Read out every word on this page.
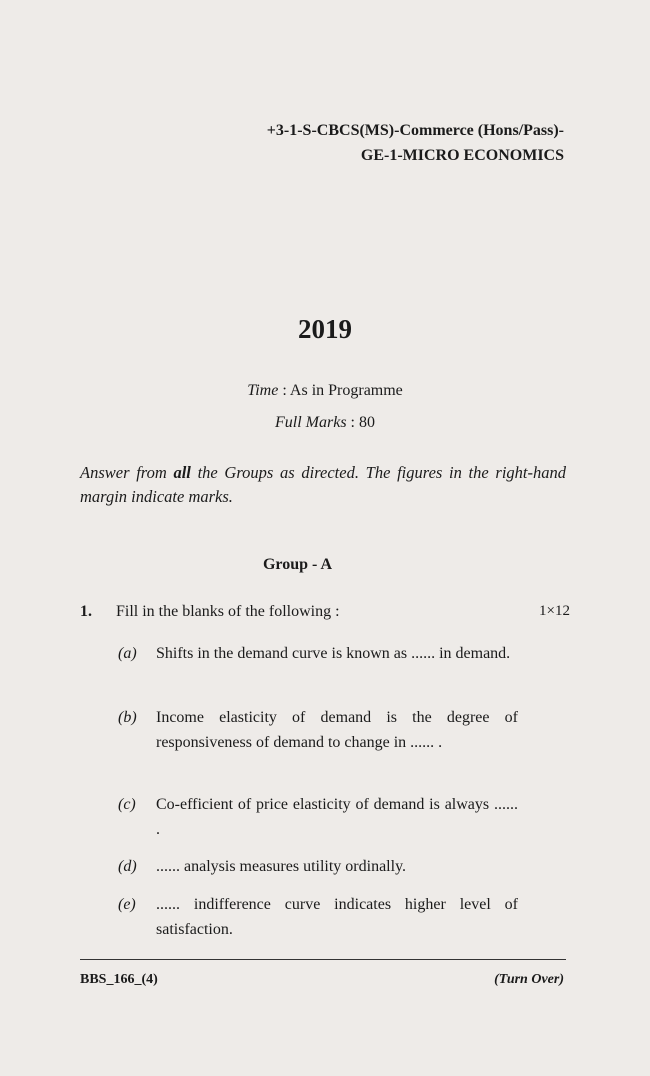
+3-1-S-CBCS(MS)-Commerce (Hons/Pass)-
GE-1-MICRO ECONOMICS
2019
Time : As in Programme
Full Marks : 80
Answer from all the Groups as directed. The figures in the right-hand margin indicate marks.
Group - A
1. Fill in the blanks of the following :	1×12
(a) Shifts in the demand curve is known as ...... in demand.
(b) Income elasticity of demand is the degree of responsiveness of demand to change in ...... .
(c) Co-efficient of price elasticity of demand is always ...... .
(d) ...... analysis measures utility ordinally.
(e) ...... indifference curve indicates higher level of satisfaction.
BBS_166_(4)	(Turn Over)
